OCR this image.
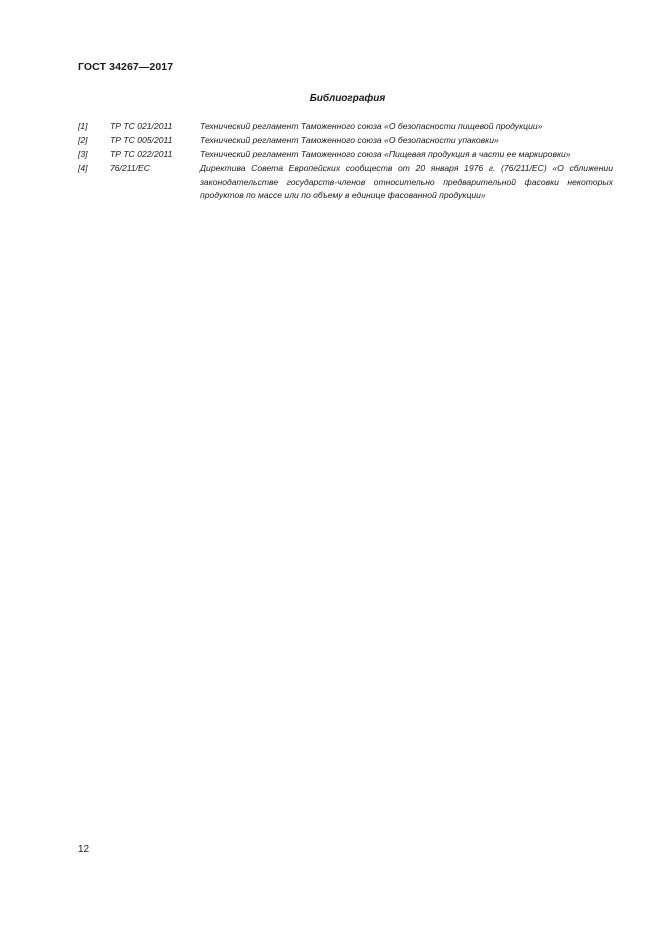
ГОСТ 34267—2017
Библиография
[1]	ТР ТС 021/2011	Технический регламент Таможенного союза «О безопасности пищевой продукции»
[2]	ТР ТС 005/2011	Технический регламент Таможенного союза «О безопасности упаковки»
[3]	ТР ТС 022/2011	Технический регламент Таможенного союза «Пищевая продукция в части ее маркировки»
[4]	76/211/ЕС	Директива Совета Европейских сообществ от 20 января 1976 г. (76/211/ЕС) «О сближении законодательстве государств-членов относительно предварительной фасовки некоторых продуктов по массе или по объему в единице фасованной продукции»
12
